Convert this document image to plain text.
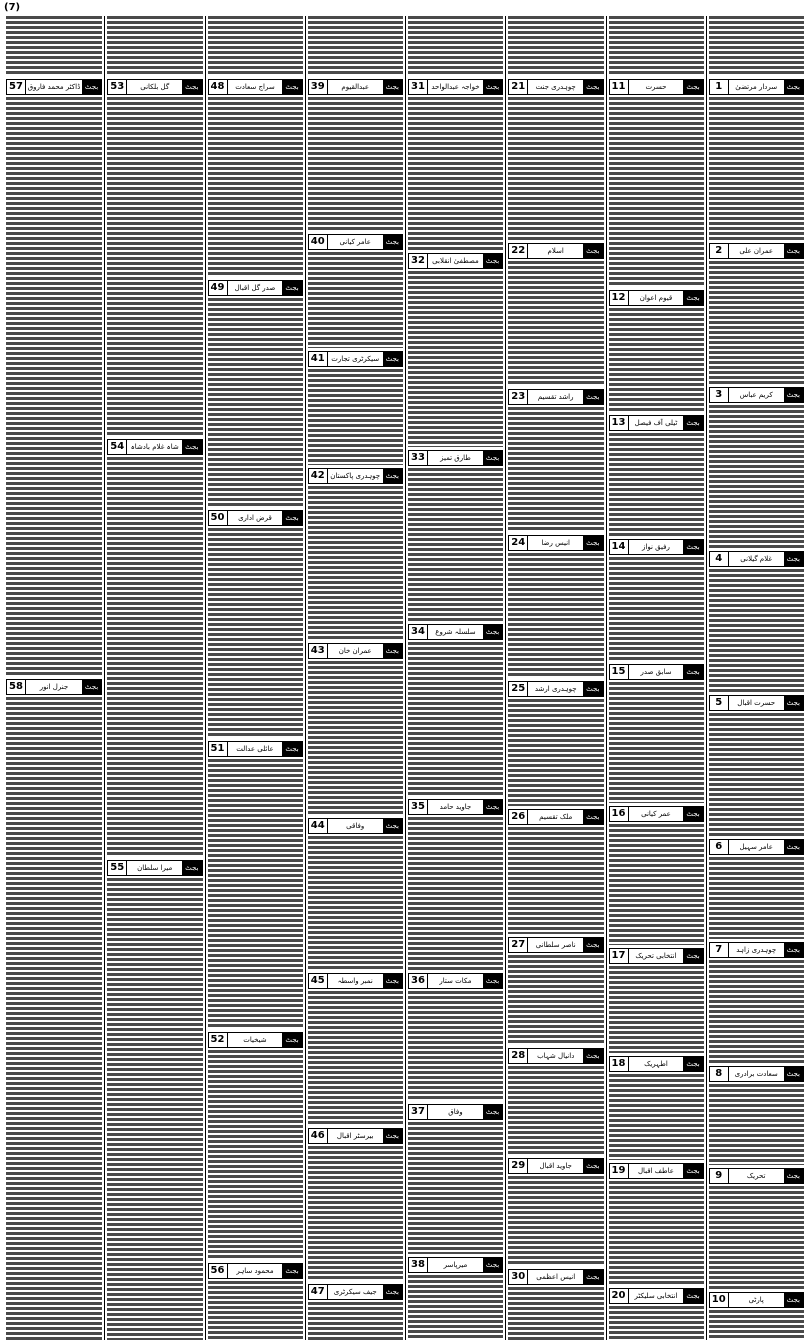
(7)
بجٹ
سردار مرتضیٰ
1
بجٹ
عمران علی
2
بجٹ
کریم عباس
3
بجٹ
غلام گیلانی
4
بجٹ
حسرت اقبال
5
بجٹ
عامر سہیل
6
بجٹ
چوہدری زاہد
7
بجٹ
سعادت برادری
8
بجٹ
تحریک
9
بجٹ
پارٹی
10
بجٹ
حسرت
11
بجٹ
قیوم اعوان
12
بجٹ
ٹیلی آف فیصل
13
بجٹ
رفیق نواز
14
بجٹ
سابق صدر
15
بجٹ
عمر کیانی
16
بجٹ
انتخابی تحریک
17
بجٹ
اطہریک
18
بجٹ
عاطف اقبال
19
بجٹ
انتخابی سلیکٹر
20
بجٹ
چوہدری جنت
21
بجٹ
اسلام
22
بجٹ
راشد تقسیم
23
بجٹ
انیس رضا
24
بجٹ
چوہدری ارشد
25
بجٹ
ملک تقسیم
26
بجٹ
ناصر سلطانی
27
بجٹ
دانیال شہاب
28
بجٹ
جاوید اقبال
29
بجٹ
انیس اعظمی
30
بجٹ
خواجہ عبدالواحد
31
بجٹ
مصطفیٰ انقلابی
32
بجٹ
طارق تمیز
33
بجٹ
سلسلہ شروع
34
بجٹ
جاوید حامد
35
بجٹ
مکات ستار
36
بجٹ
وفاق
37
بجٹ
میرپاسر
38
بجٹ
عبدالقیوم
39
بجٹ
عامر کیانی
40
بجٹ
سیکرٹری تجارت
41
بجٹ
چوہدری پاکستان
42
بجٹ
عمران خان
43
بجٹ
وفاقی
44
بجٹ
نمبر واسطہ
45
بجٹ
بیرسٹر اقبال
46
بجٹ
جیف سیکرٹری
47
بجٹ
سراج سعادت
48
بجٹ
صدر گل اقبال
49
بجٹ
قرض اداری
50
بجٹ
عائلی عدالت
51
بجٹ
شیخیات
52
بجٹ
محمود ساہر
56
بجٹ
گل بلکانی
53
بجٹ
شاہ غلام بادشاہ
54
بجٹ
میرا سلطان
55
بجٹ
ڈاکٹر محمد فاروق
57
بجٹ
جنرل انور
58
